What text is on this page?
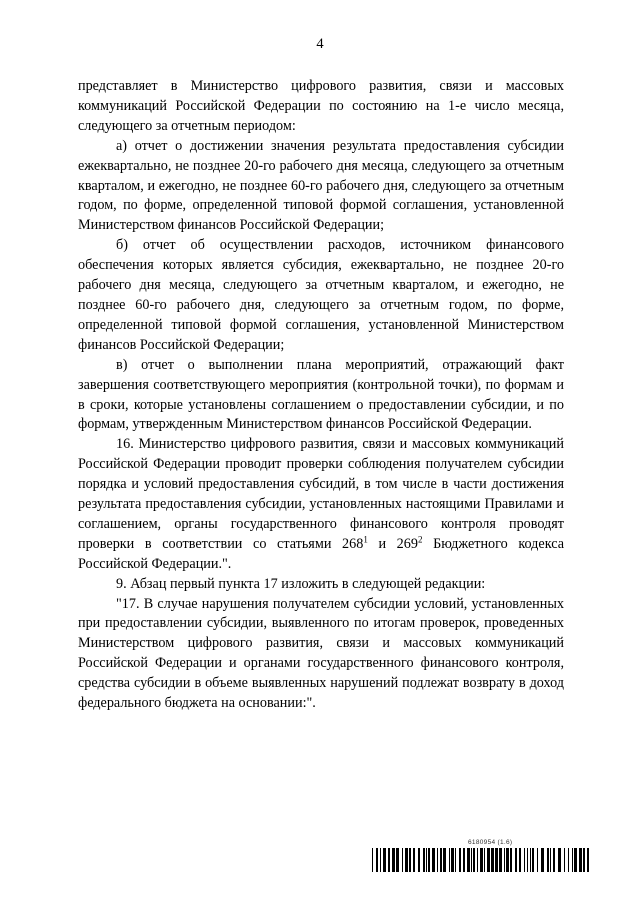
4

представляет в Министерство цифрового развития, связи и массовых коммуникаций Российской Федерации по состоянию на 1-е число месяца, следующего за отчетным периодом:

а) отчет о достижении значения результата предоставления субсидии ежеквартально, не позднее 20-го рабочего дня месяца, следующего за отчетным кварталом, и ежегодно, не позднее 60-го рабочего дня, следующего за отчетным годом, по форме, определенной типовой формой соглашения, установленной Министерством финансов Российской Федерации;

б) отчет об осуществлении расходов, источником финансового обеспечения которых является субсидия, ежеквартально, не позднее 20-го рабочего дня месяца, следующего за отчетным кварталом, и ежегодно, не позднее 60-го рабочего дня, следующего за отчетным годом, по форме, определенной типовой формой соглашения, установленной Министерством финансов Российской Федерации;

в) отчет о выполнении плана мероприятий, отражающий факт завершения соответствующего мероприятия (контрольной точки), по формам и в сроки, которые установлены соглашением о предоставлении субсидии, и по формам, утвержденным Министерством финансов Российской Федерации.

16. Министерство цифрового развития, связи и массовых коммуникаций Российской Федерации проводит проверки соблюдения получателем субсидии порядка и условий предоставления субсидий, в том числе в части достижения результата предоставления субсидии, установленных настоящими Правилами и соглашением, органы государственного финансового контроля проводят проверки в соответствии со статьями $268^1$ и $269^2$ Бюджетного кодекса Российской Федерации.".

9. Абзац первый пункта 17 изложить в следующей редакции:

"17. В случае нарушения получателем субсидии условий, установленных при предоставлении субсидии, выявленного по итогам проверок, проведенных Министерством цифрового развития, связи и массовых коммуникаций Российской Федерации и органами государственного финансового контроля, средства субсидии в объеме выявленных нарушений подлежат возврату в доход федерального бюджета на основании:".

6180954 (1.6)
